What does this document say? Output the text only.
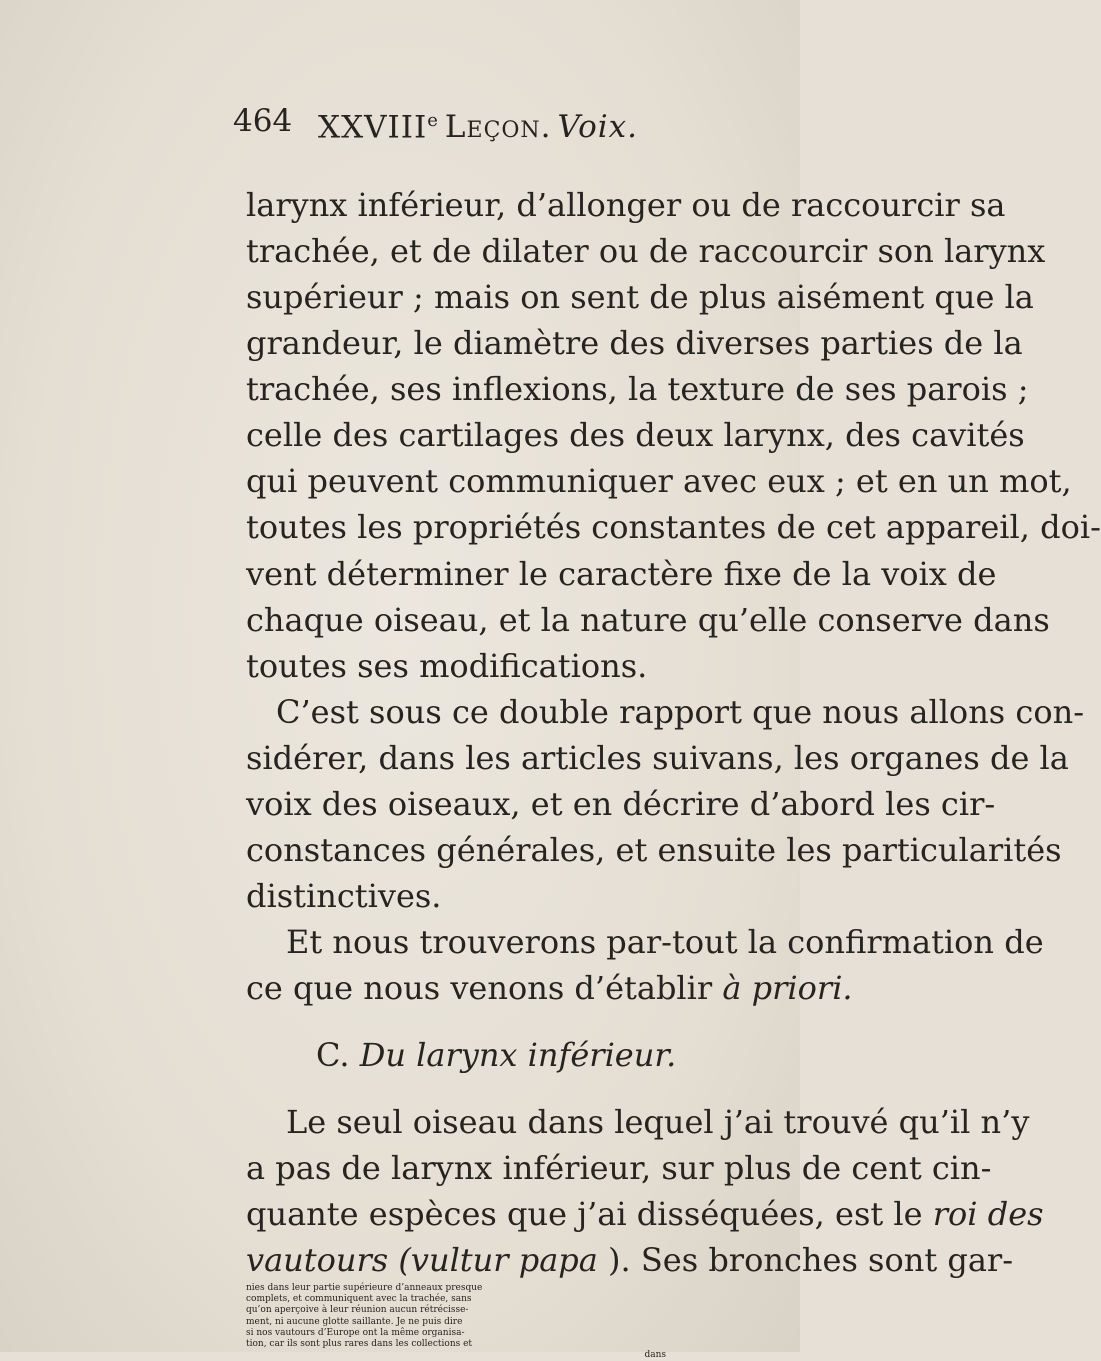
464 XXVIIIe Leçon. Voix.
larynx inférieur, d’allonger ou de raccourcir sa
trachée, et de dilater ou de raccourcir son larynx
supérieur ; mais on sent de plus aisément que la
grandeur, le diamètre des diverses parties de la
trachée, ses inflexions, la texture de ses parois ;
celle des cartilages des deux larynx, des cavités
qui peuvent communiquer avec eux ; et en un mot,
toutes les propriétés constantes de cet appareil, doi-
vent déterminer le caractère fixe de la voix de
chaque oiseau, et la nature qu’elle conserve dans
toutes ses modifications.
C’est sous ce double rapport que nous allons con-
sidérer, dans les articles suivans, les organes de la
voix des oiseaux, et en décrire d’abord les cir-
constances générales, et ensuite les particularités
distinctives.
Et nous trouverons par-tout la confirmation de
ce que nous venons d’établir à priori.
C. Du larynx inférieur.
Le seul oiseau dans lequel j’ai trouvé qu’il n’y
a pas de larynx inférieur, sur plus de cent cin-
quante espèces que j’ai disséquées, est le roi des
vautours (vultur papa ). Ses bronches sont gar-
nies dans leur partie supérieure d’anneaux presque
complets, et communiquent avec la trachée, sans
qu’on aperçoive à leur réunion aucun rétrécisse-
ment, ni aucune glotte saillante. Je ne puis dire
si nos vautours d’Europe ont la même organisa-
tion, car ils sont plus rares dans les collections et
dans
